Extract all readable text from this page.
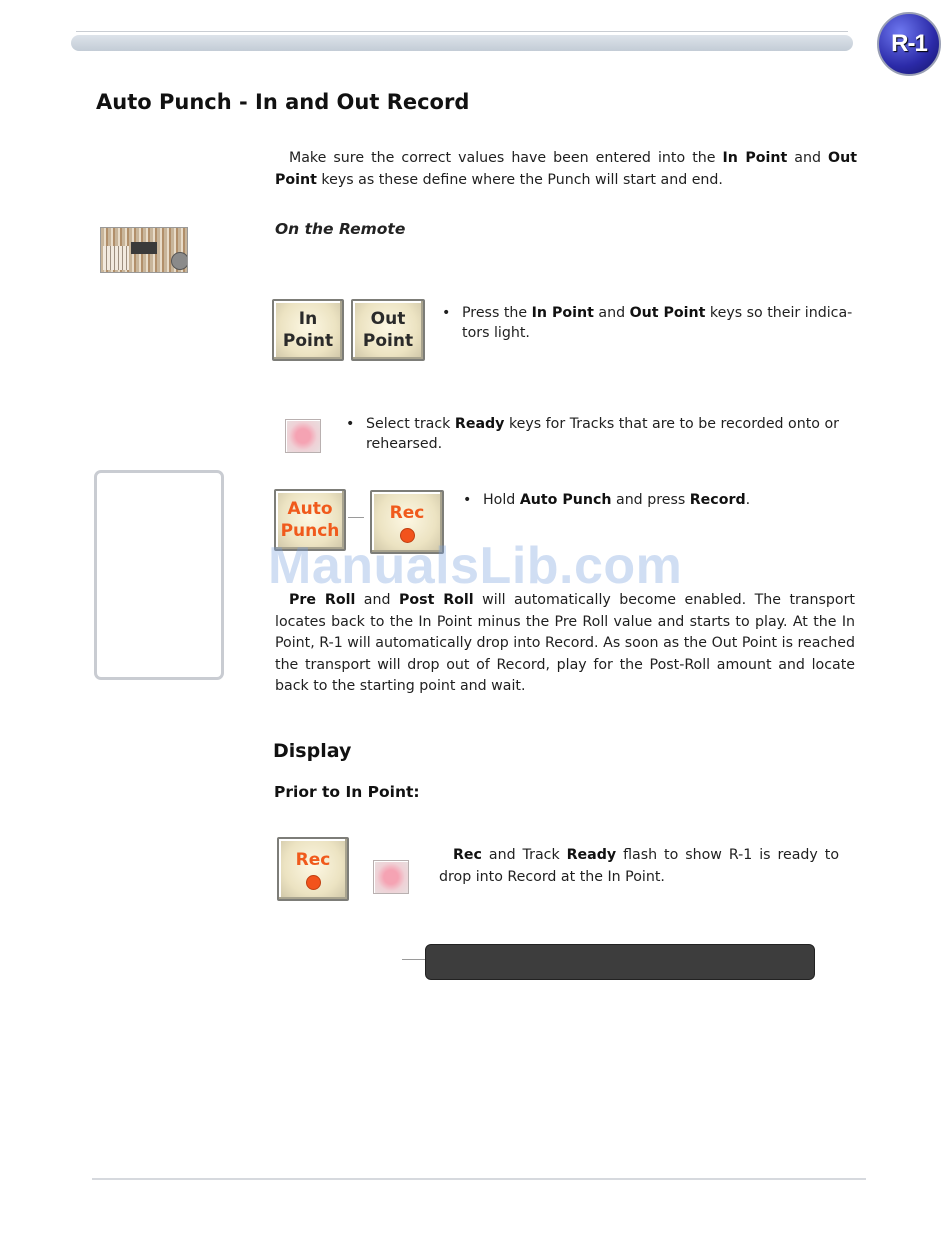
R-1
Auto Punch - In and Out Record

Make sure the correct values have been entered into the In Point and Out Point keys as these define where the Punch will start and end.

On the Remote
In
Point
Out
Point
• Press the In Point and Out Point keys so their indica-tors light.
• Select track Ready keys for Tracks that are to be recorded onto or rehearsed.
Auto
Punch
Rec
• Hold Auto Punch and press Record.
ManualsLib.com

Pre Roll and Post Roll will automatically become enabled. The transport locates back to the In Point minus the Pre Roll value and starts to play. At the In Point, R-1 will automatically drop into Record. As soon as the Out Point is reached the transport will drop out of Record, play for the Post-Roll amount and locate back to the starting point and wait.

Display
Prior to In Point:
Rec	Rec and Track Ready flash to show R-1 is ready to drop into Record at the In Point.
